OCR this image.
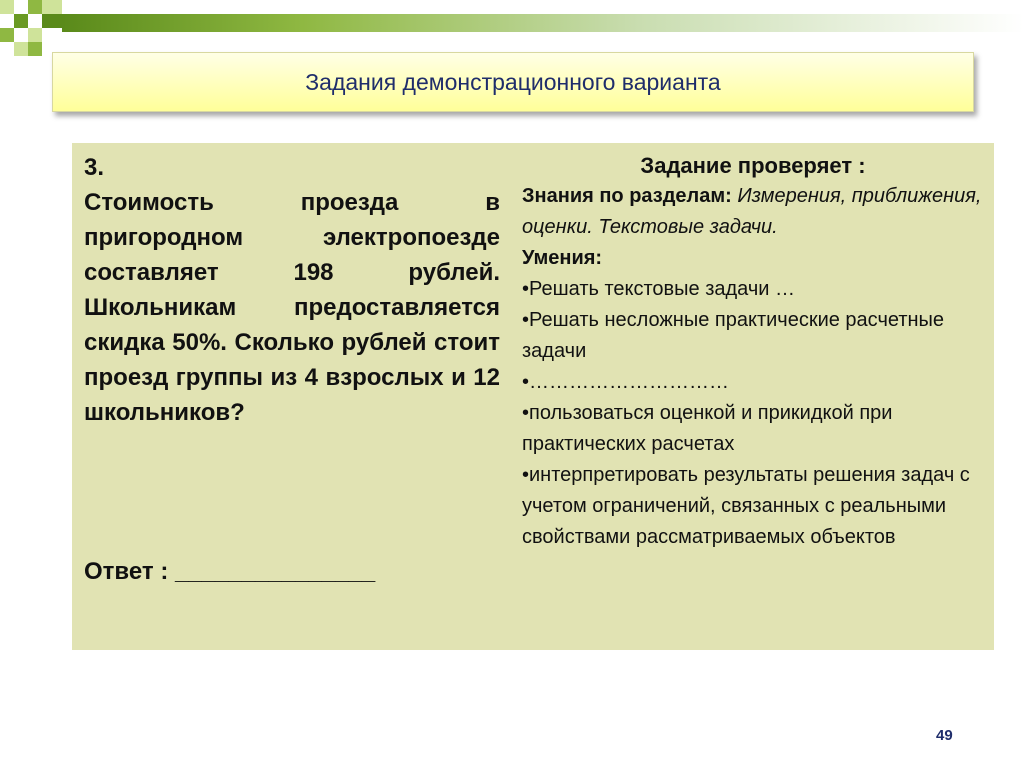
Задания демонстрационного варианта
3.
Стоимость проезда в пригородном электропоезде составляет 198 рублей. Школьникам предоставляется скидка 50%. Сколько рублей стоит проезд группы из 4 взрослых и 12 школьников?
Ответ : _______________
Задание проверяет :
Знания по разделам: Измерения, приближения, оценки. Текстовые задачи.
Умения:
•Решать текстовые задачи …
•Решать несложные практические расчетные задачи
•…………………………
•пользоваться оценкой и прикидкой при практических расчетах
•интерпретировать результаты решения задач с учетом ограничений, связанных с реальными свойствами рассматриваемых объектов
49
